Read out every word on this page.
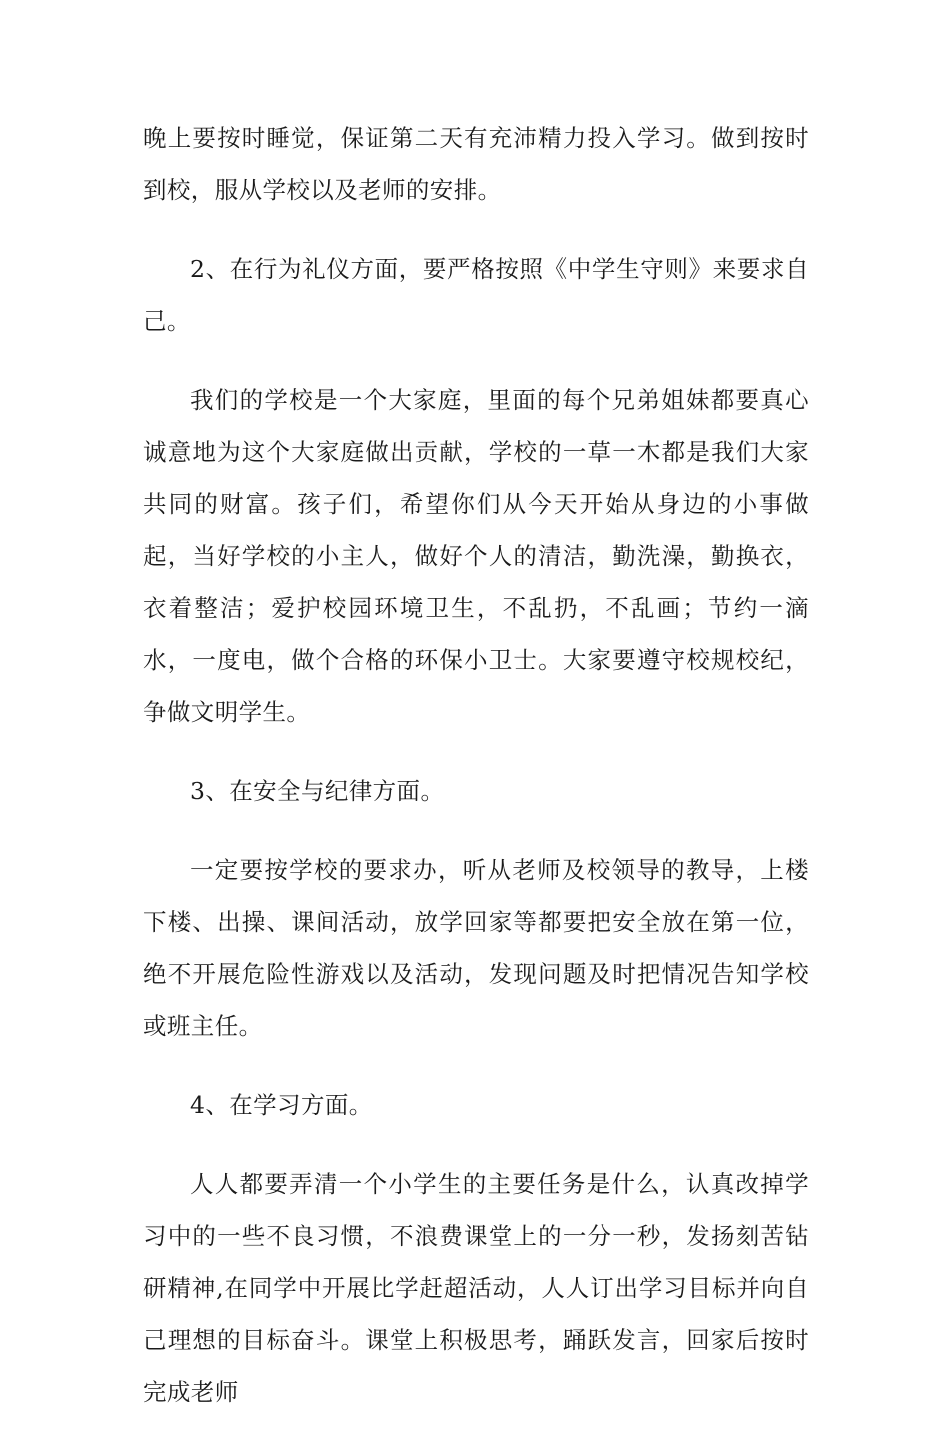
晚上要按时睡觉，保证第二天有充沛精力投入学习。做到按时到校，服从学校以及老师的安排。

2、在行为礼仪方面，要严格按照《中学生守则》来要求自己。

我们的学校是一个大家庭，里面的每个兄弟姐妹都要真心诚意地为这个大家庭做出贡献，学校的一草一木都是我们大家共同的财富。孩子们，希望你们从今天开始从身边的小事做起，当好学校的小主人，做好个人的清洁，勤洗澡，勤换衣，衣着整洁；爱护校园环境卫生，不乱扔，不乱画；节约一滴水，一度电，做个合格的环保小卫士。大家要遵守校规校纪，争做文明学生。

3、在安全与纪律方面。

一定要按学校的要求办，听从老师及校领导的教导，上楼下楼、出操、课间活动，放学回家等都要把安全放在第一位，绝不开展危险性游戏以及活动，发现问题及时把情况告知学校或班主任。

4、在学习方面。

人人都要弄清一个小学生的主要任务是什么，认真改掉学习中的一些不良习惯，不浪费课堂上的一分一秒，发扬刻苦钻研精神,在同学中开展比学赶超活动，人人订出学习目标并向自己理想的目标奋斗。课堂上积极思考，踊跃发言，回家后按时完成老师
